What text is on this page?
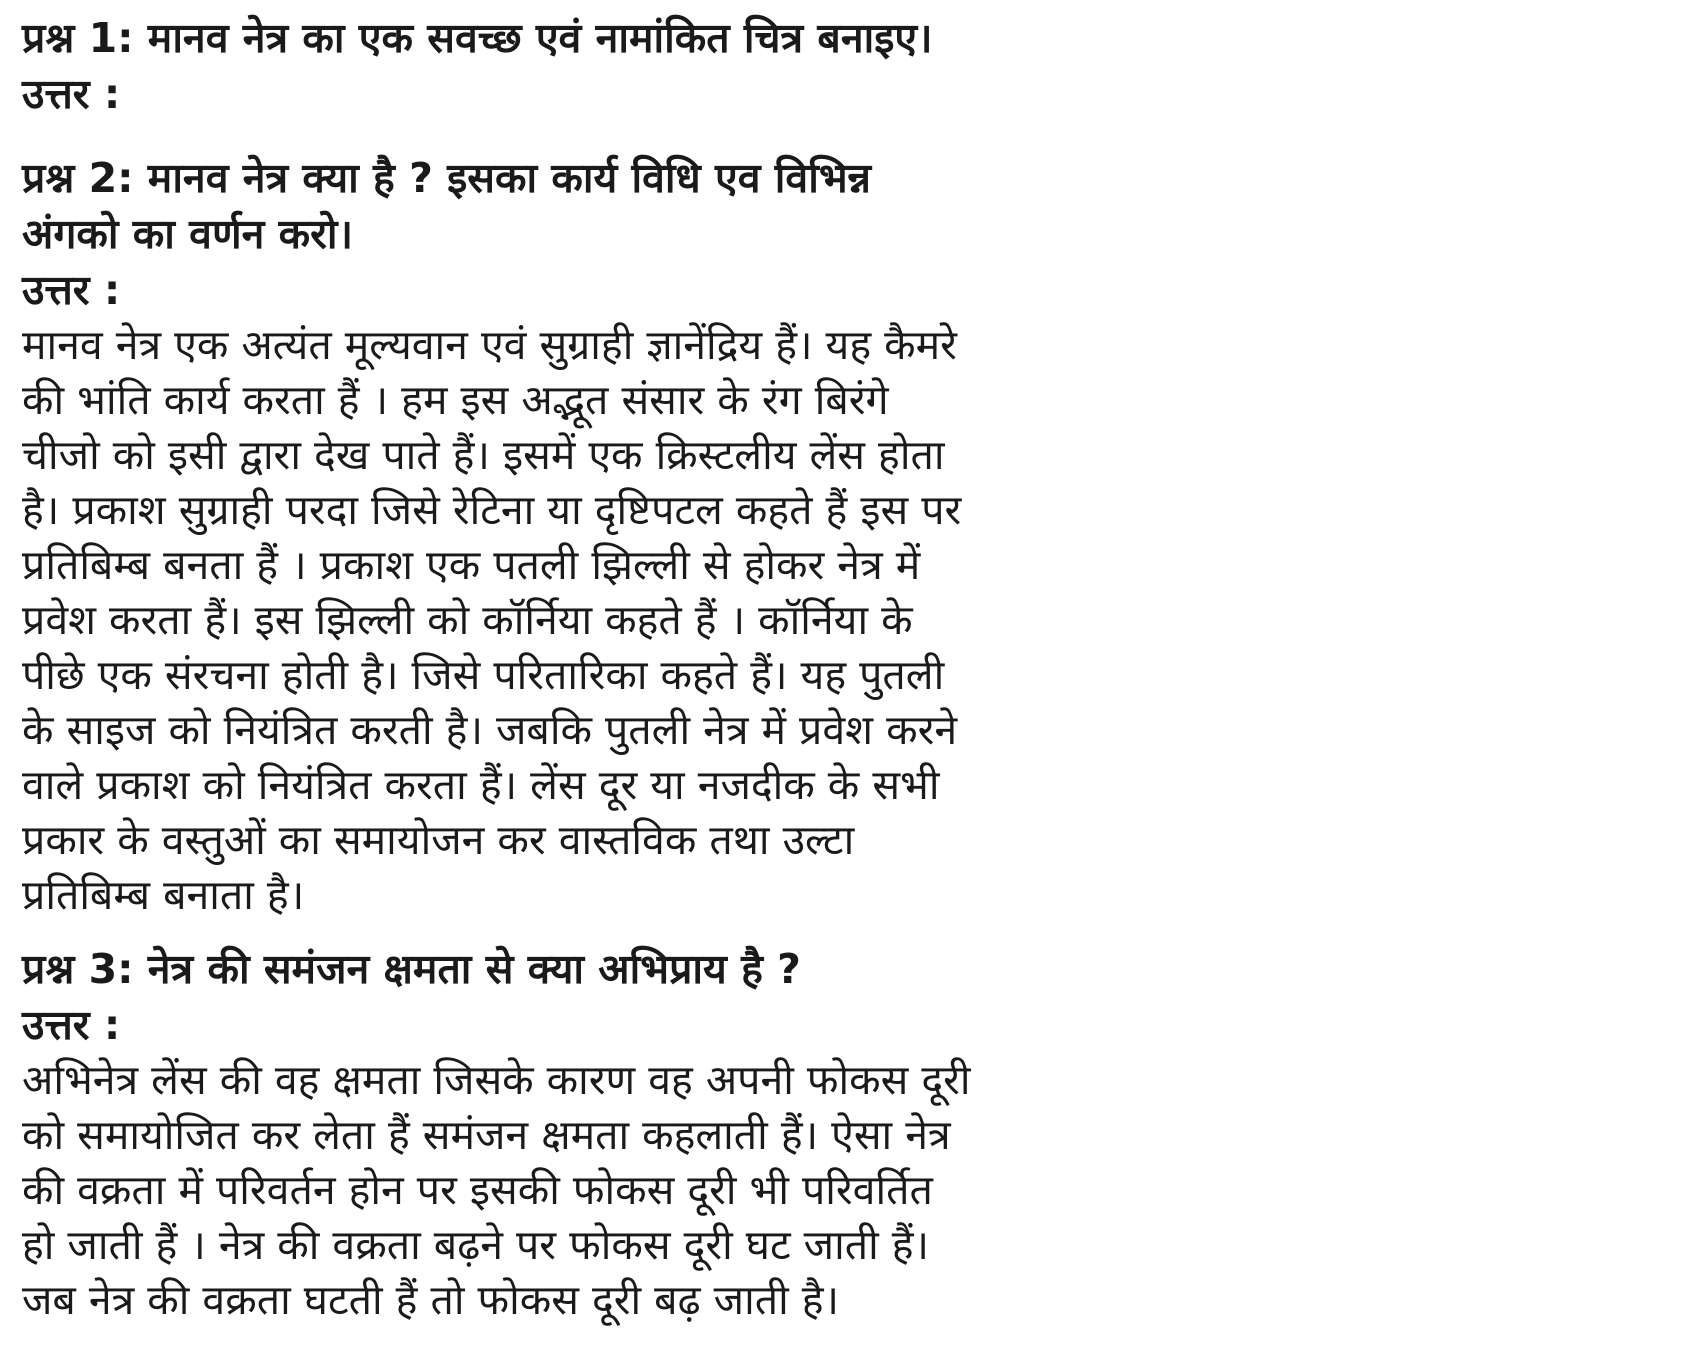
प्रश्न 1: मानव नेत्र का एक सवच्छ एवं नामांकित चित्र बनाइए।

उत्तर :

प्रश्न 2: मानव नेत्र क्या है ? इसका कार्य विधि एव विभिन्न
अंगको का वर्णन करो।

उत्तर :

मानव नेत्र एक अत्यंत मूल्यवान एवं सुग्राही ज्ञानेंद्रिय हैं। यह कैमरे
की भांति कार्य करता हैं । हम इस अद्भूत संसार के रंग बिरंगे
चीजो को इसी द्वारा देख पाते हैं। इसमें एक क्रिस्टलीय लेंस होता
है। प्रकाश सुग्राही परदा जिसे रेटिना या दृष्टिपटल कहते हैं इस पर
प्रतिबिम्ब बनता हैं । प्रकाश एक पतली झिल्ली से होकर नेत्र में
प्रवेश करता हैं। इस झिल्ली को कॉर्निया कहते हैं । कॉर्निया के
पीछे एक संरचना होती है। जिसे परितारिका कहते हैं। यह पुतली
के साइज को नियंत्रित करती है। जबकि पुतली नेत्र में प्रवेश करने
वाले प्रकाश को नियंत्रित करता हैं। लेंस दूर या नजदीक के सभी
प्रकार के वस्तुओं का समायोजन कर वास्तविक तथा उल्टा
प्रतिबिम्ब बनाता है।

प्रश्न 3: नेत्र की समंजन क्षमता से क्या अभिप्राय है ?

उत्तर :

अभिनेत्र लेंस की वह क्षमता जिसके कारण वह अपनी फोकस दूरी
को समायोजित कर लेता हैं समंजन क्षमता कहलाती हैं। ऐसा नेत्र
की वक्रता में परिवर्तन होन पर इसकी फोकस दूरी भी परिवर्तित
हो जाती हैं । नेत्र की वक्रता बढ़ने पर फोकस दूरी घट जाती हैं।
जब नेत्र की वक्रता घटती हैं तो फोकस दूरी बढ़ जाती है।
